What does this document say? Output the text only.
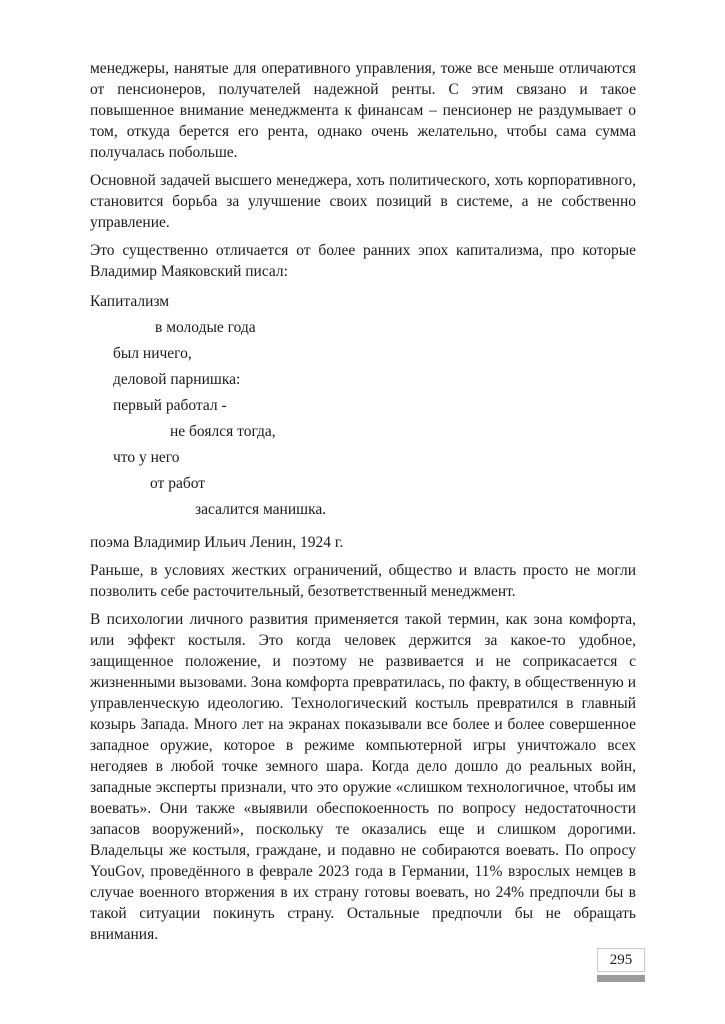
менеджеры, нанятые для оперативного управления, тоже все меньше отличаются от пенсионеров, получателей надежной ренты. С этим связано и такое повышенное внимание менеджмента к финансам – пенсионер не раздумывает о том, откуда берется его рента, однако очень желательно, чтобы сама сумма получалась побольше.

Основной задачей высшего менеджера, хоть политического, хоть корпоративного, становится борьба за улучшение своих позиций в системе, а не собственно управление.

Это существенно отличается от более ранних эпох капитализма, про которые Владимир Маяковский писал:

Капитализм
в молодые года
был ничего,
деловой парнишка:
первый работал -
не боялся тогда,
что у него
от работ
засалится манишка.

поэма Владимир Ильич Ленин, 1924 г.

Раньше, в условиях жестких ограничений, общество и власть просто не могли позволить себе расточительный, безответственный менеджмент.

В психологии личного развития применяется такой термин, как зона комфорта, или эффект костыля. Это когда человек держится за какое-то удобное, защищенное положение, и поэтому не развивается и не соприкасается с жизненными вызовами. Зона комфорта превратилась, по факту, в общественную и управленческую идеологию. Технологический костыль превратился в главный козырь Запада. Много лет на экранах показывали все более и более совершенное западное оружие, которое в режиме компьютерной игры уничтожало всех негодяев в любой точке земного шара. Когда дело дошло до реальных войн, западные эксперты признали, что это оружие «слишком технологичное, чтобы им воевать». Они также «выявили обеспокоенность по вопросу недостаточности запасов вооружений», поскольку те оказались еще и слишком дорогими. Владельцы же костыля, граждане, и подавно не собираются воевать. По опросу YouGov, проведённого в феврале 2023 года в Германии, 11% взрослых немцев в случае военного вторжения в их страну готовы воевать, но 24% предпочли бы в такой ситуации покинуть страну. Остальные предпочли бы не обращать внимания.

295
